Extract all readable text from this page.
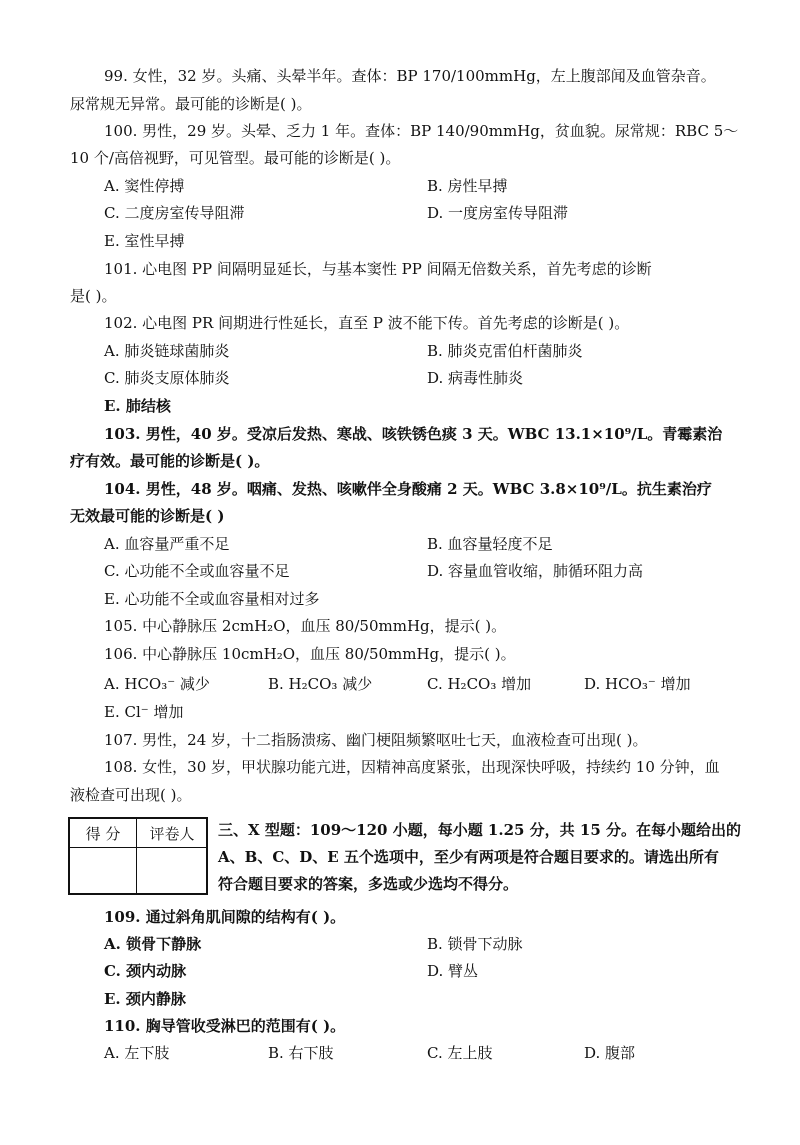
99. 女性，32 岁。头痛、头晕半年。查体：BP 170/100mmHg，左上腹部闻及血管杂音。
尿常规无异常。最可能的诊断是( )。
100. 男性，29 岁。头晕、乏力 1 年。查体：BP 140/90mmHg，贫血貌。尿常规：RBC 5～
10 个/高倍视野，可见管型。最可能的诊断是( )。
A. 窦性停搏	B. 房性早搏
C. 二度房室传导阻滞	D. 一度房室传导阻滞
E. 室性早搏
101. 心电图 PP 间隔明显延长，与基本窦性 PP 间隔无倍数关系，首先考虑的诊断
是( )。
102. 心电图 PR 间期进行性延长，直至 P 波不能下传。首先考虑的诊断是( )。
A. 肺炎链球菌肺炎	B. 肺炎克雷伯杆菌肺炎
C. 肺炎支原体肺炎	D. 病毒性肺炎
E. 肺结核
103. 男性，40 岁。受凉后发热、寒战、咳铁锈色痰 3 天。WBC 13.1×10⁹/L。青霉素治
疗有效。最可能的诊断是( )。
104. 男性，48 岁。咽痛、发热、咳嗽伴全身酸痛 2 天。WBC 3.8×10⁹/L。抗生素治疗
无效最可能的诊断是( )
A. 血容量严重不足	B. 血容量轻度不足
C. 心功能不全或血容量不足	D. 容量血管收缩，肺循环阻力高
E. 心功能不全或血容量相对过多
105. 中心静脉压 2cmH₂O，血压 80/50mmHg，提示( )。
106. 中心静脉压 10cmH₂O，血压 80/50mmHg，提示( )。
A. HCO₃⁻ 减少	B. H₂CO₃ 减少	C. H₂CO₃ 增加	D. HCO₃⁻ 增加
E. Cl⁻ 增加
107. 男性，24 岁，十二指肠溃疡、幽门梗阻频繁呕吐七天，血液检查可出现( )。
108. 女性，30 岁，甲状腺功能亢进，因精神高度紧张，出现深快呼吸，持续约 10 分钟，血
液检查可出现( )。
得 分	评卷人	三、X 型题：109～120 小题，每小题 1.25 分，共 15 分。在每小题给出的
A、B、C、D、E 五个选项中，至少有两项是符合题目要求的。请选出所有
符合题目要求的答案，多选或少选均不得分。
109. 通过斜角肌间隙的结构有( )。
A. 锁骨下静脉	B. 锁骨下动脉
C. 颈内动脉	D. 臂丛
E. 颈内静脉
110. 胸导管收受淋巴的范围有( )。
A. 左下肢	B. 右下肢	C. 左上肢	D. 腹部
